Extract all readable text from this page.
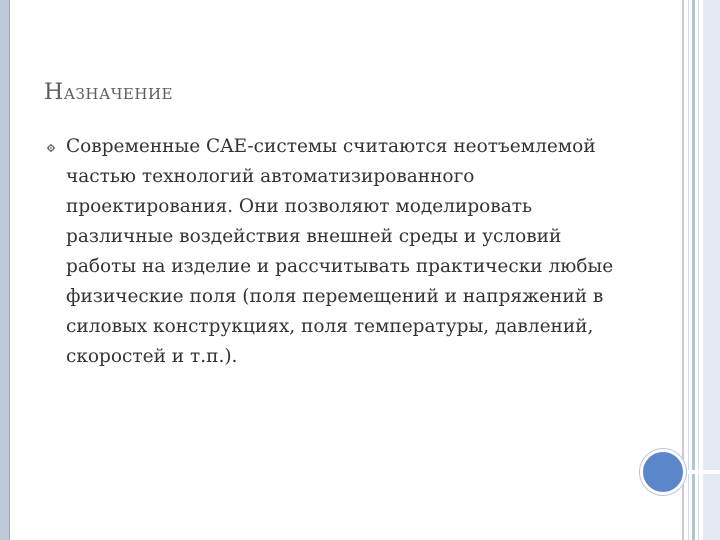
Назначение
Современные CAE-системы считаются неотъемлемой частью технологий автоматизированного проектирования. Они позволяют моделировать различные воздействия внешней среды и условий работы на изделие и рассчитывать практически любые физические поля (поля перемещений и напряжений в силовых конструкциях, поля температуры, давлений, скоростей и т.п.).
